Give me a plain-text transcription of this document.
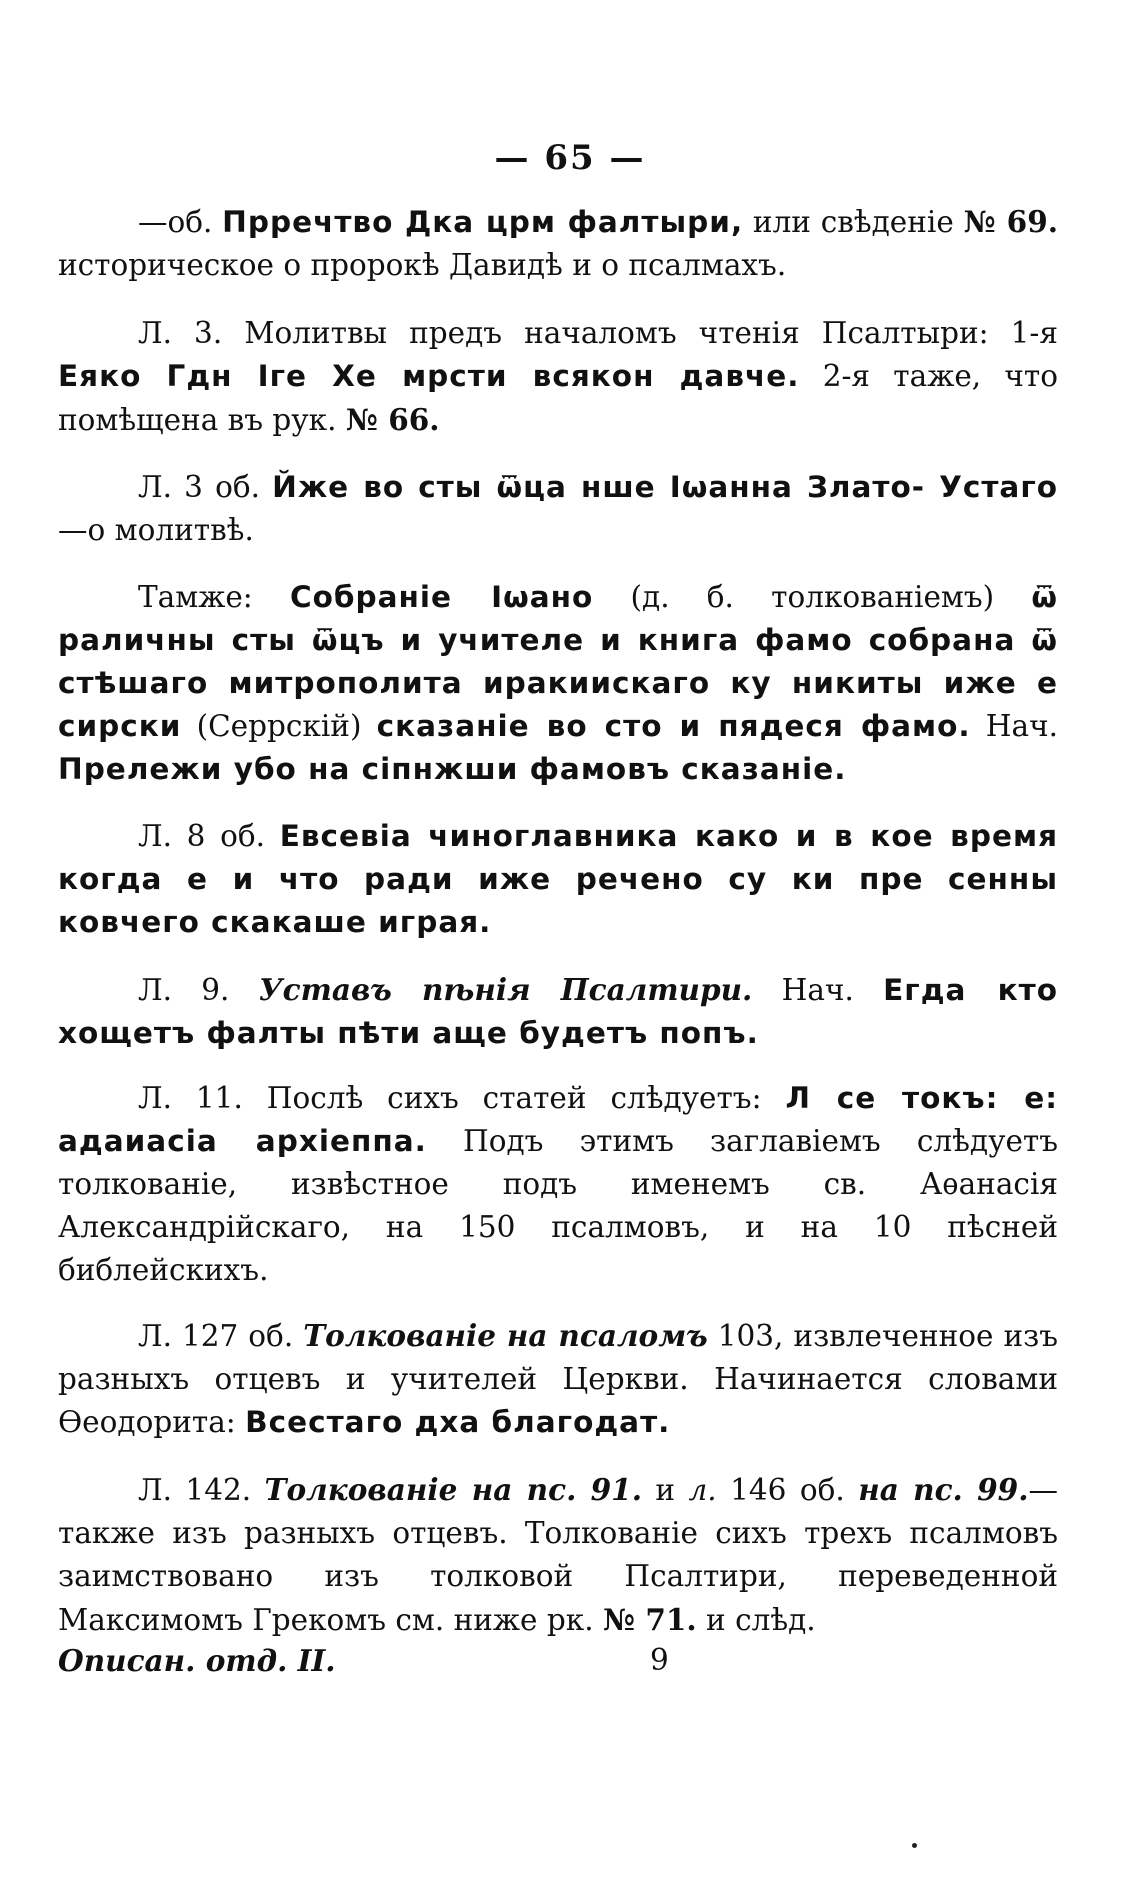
— 65 —

—об. Прречтво Дка црм фалтыри, или свѣденіе № 69. историческое о пророкѣ Давидѣ и о псалмахъ.

Л. 3. Молитвы предъ началомъ чтенія Псалтыри: 1-я Еяко Гдн Іге Хе мрсти всякон давче. 2-я таже, что помѣщена въ рук. № 66.

Л. 3 об. Йже во сты ѿца нше Іѡанна Злато- Устаго—о молитвѣ.

Тамже: Собраніе Іѡано (д. б. толкованіемъ) ѿ раличны сты ѿцъ и учителе и книга фамо собрана ѿ стѣшаго митрополита иракиискаго ку никиты иже е сирски (Серрскій) сказаніе во сто и пядеся фамо. Нач. Прележи убо на сіпнжши фамовъ сказаніе.

Л. 8 об. Евсевіа чиноглавника како и в кое время когда е и что ради иже речено су ки пре сенны ковчего скакаше играя.

Л. 9. Уставъ пѣнія Псалтири. Нач. Егда кто хощетъ фалты пѣти аще будетъ попъ.

Л. 11. Послѣ сихъ статей слѣдуетъ: Л се токъ: е: адаиасіа архіеппа. Подъ этимъ заглавіемъ слѣдуетъ толкованіе, извѣстное подъ именемъ св. Аѳанасія Александрійскаго, на 150 псалмовъ, и на 10 пѣсней библейскихъ.

Л. 127 об. Толкованіе на псаломъ 103, извлеченное изъ разныхъ отцевъ и учителей Церкви. Начинается словами Ѳеодорита: Всестаго дха благодат.

Л. 142. Толкованіе на пс. 91. и л. 146 об. на пс. 99.—также изъ разныхъ отцевъ. Толкованіе сихъ трехъ псалмовъ заимствовано изъ толковой Псалтири, переведенной Максимомъ Грекомъ см. ниже рк. № 71. и слѣд.

Описан. отд. II.	9
